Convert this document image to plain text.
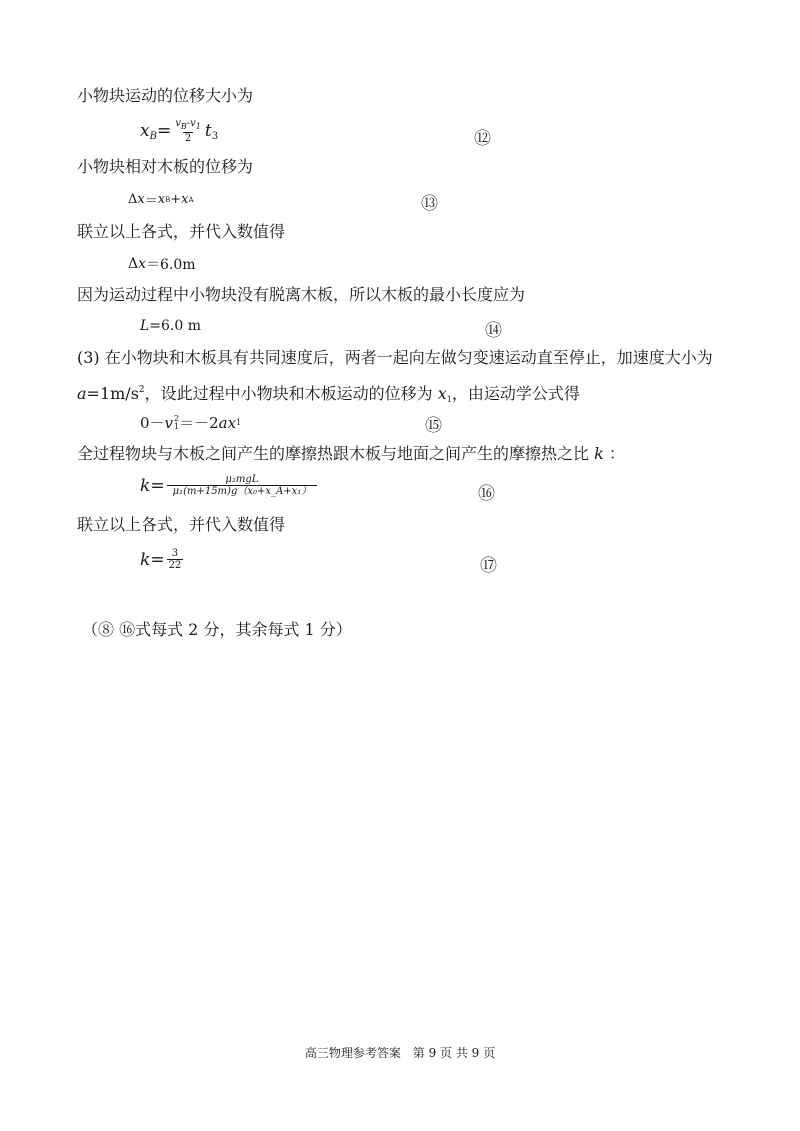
小物块运动的位移大小为
$x_B = \frac{v_B-v_1}{2} t_3$	⑫
小物块相对木板的位移为
Δ x ＝ x B + x A	⑬
联立以上各式，并代入数值得
Δ x ＝6.0m
因为运动过程中小物块没有脱离木板，所以木板的最小长度应为
L =6.0 m	⑭
(3) 在小物块和木板具有共同速度后，两者一起向左做匀变速运动直至停止，加速度大小为
$a=1m/s^2$，设此过程中小物块和木板运动的位移为 $x_1$，由运动学公式得
0－ v 2
1 ＝－2 ax 1	⑮
全过程物块与木板之间产生的摩擦热跟木板与地面之间产生的摩擦热之比 k ：
$k = \frac{\text{μ₂mgL}}{\text{μ₁(m+15m)g（x₀+x\_A+x₁）}}$	⑯
联立以上各式，并代入数值得
$k = \frac{3}{22}$	⑰
（⑧ ⑯式每式 2 分，其余每式 1 分）
高三物理参考答案 第 9 页 共 9 页
